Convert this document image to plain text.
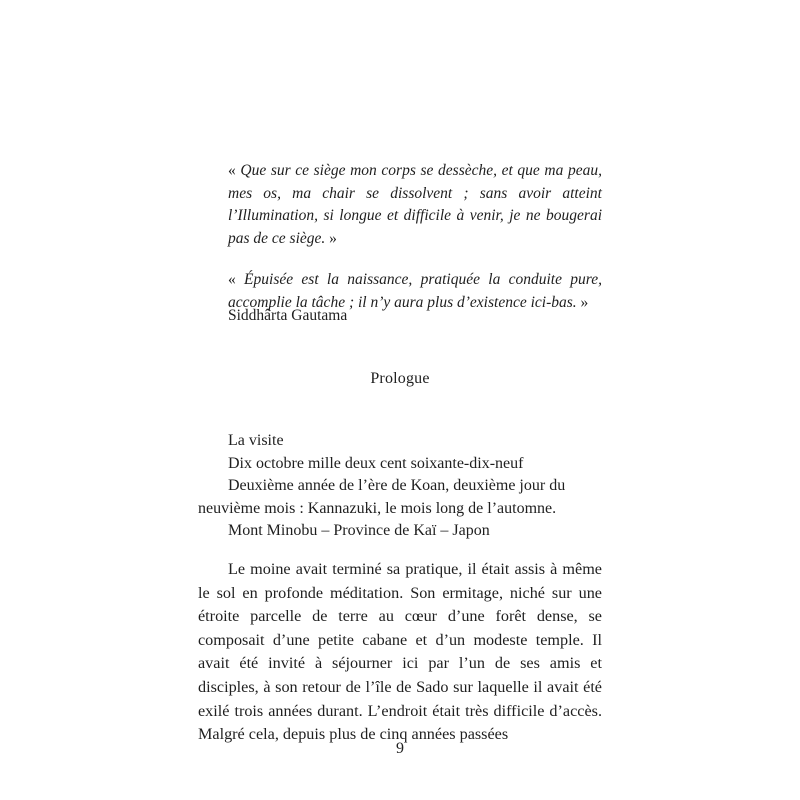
« Que sur ce siège mon corps se dessèche, et que ma peau, mes os, ma chair se dissolvent ; sans avoir atteint l’Illumination, si longue et difficile à venir, je ne bougerai pas de ce siège. »

« Épuisée est la naissance, pratiquée la conduite pure, accomplie la tâche ; il n’y aura plus d’existence ici-bas. »

Siddhârta Gautama
Prologue
La visite
Dix octobre mille deux cent soixante-dix-neuf
Deuxième année de l’ère de Koan, deuxième jour du
neuvième mois : Kannazuki, le mois long de l’automne.
Mont Minobu – Province de Kaï – Japon

Le moine avait terminé sa pratique, il était assis à même le sol en profonde méditation. Son ermitage, niché sur une étroite parcelle de terre au cœur d’une forêt dense, se composait d’une petite cabane et d’un modeste temple. Il avait été invité à séjourner ici par l’un de ses amis et disciples, à son retour de l’île de Sado sur laquelle il avait été exilé trois années durant. L’endroit était très difficile d’accès. Malgré cela, depuis plus de cinq années passées

9
